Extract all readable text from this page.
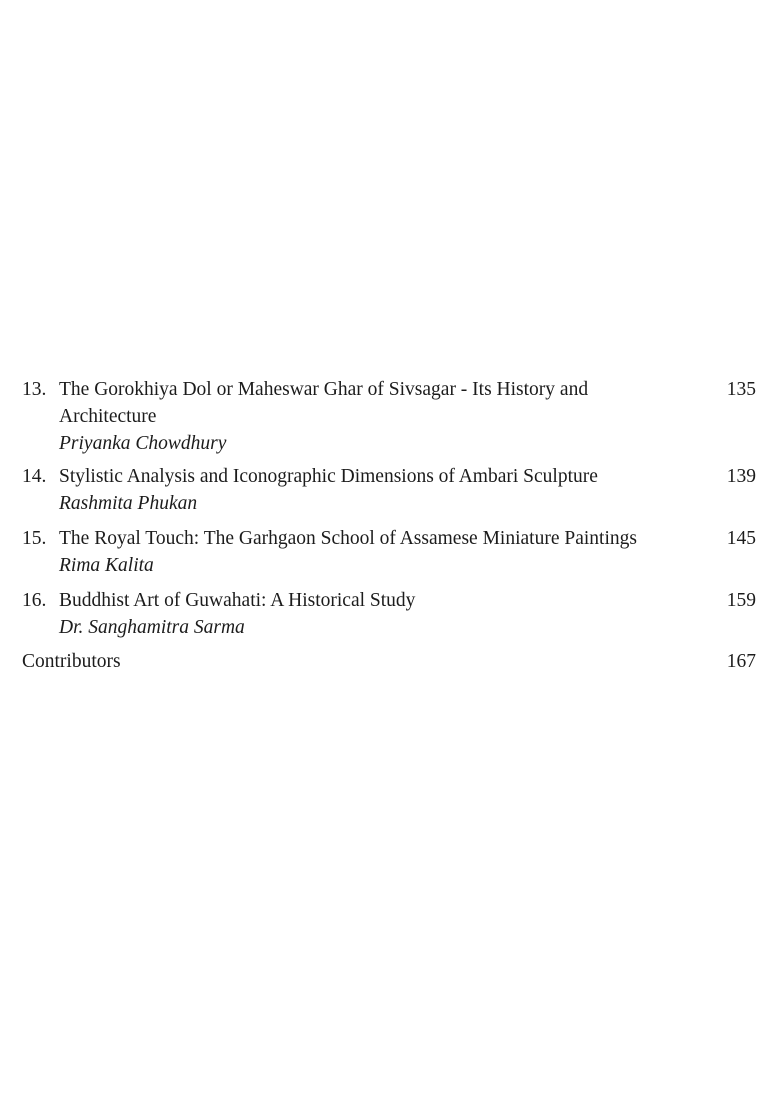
13. The Gorokhiya Dol or Maheswar Ghar of Sivsagar - Its History and Architecture
Priyanka Chowdhury
135
14. Stylistic Analysis and Iconographic Dimensions of Ambari Sculpture
Rashmita Phukan
139
15. The Royal Touch: The Garhgaon School of Assamese Miniature Paintings
Rima Kalita
145
16. Buddhist Art of Guwahati: A Historical Study
Dr. Sanghamitra Sarma
159
Contributors	167
